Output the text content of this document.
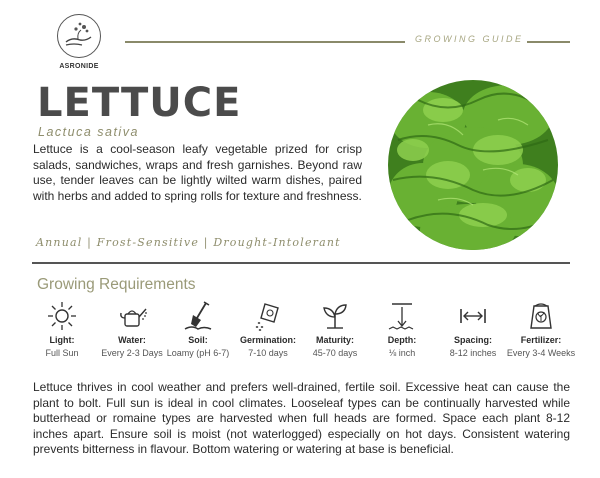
ASRONIDE
GROWING GUIDE
LETTUCE
Lactuca sativa
Lettuce is a cool-season leafy vegetable prized for crisp salads, sandwiches, wraps and fresh garnishes. Beyond raw use, tender leaves can be lightly wilted warm dishes, paired with herbs and added to spring rolls for texture and freshness.
Annual | Frost-Sensitive | Drought-Intolerant
Growing Requirements
Light:
Full Sun
Water:
Every 2-3 Days
Soil:
Loamy (pH 6-7)
Germination:
7-10 days
Maturity:
45-70 days
Depth:
⅛ inch
Spacing:
8-12 inches
Fertilizer:
Every 3-4 Weeks
Lettuce thrives in cool weather and prefers well-drained, fertile soil. Excessive heat can cause the plant to bolt. Full sun is ideal in cool climates. Looseleaf types can be continually harvested while butterhead or romaine types are harvested when full heads are formed. Space each plant 8-12 inches apart. Ensure soil is moist (not waterlogged) especially on hot days. Consistent watering prevents bitterness in flavour. Bottom watering or watering at base is beneficial.
